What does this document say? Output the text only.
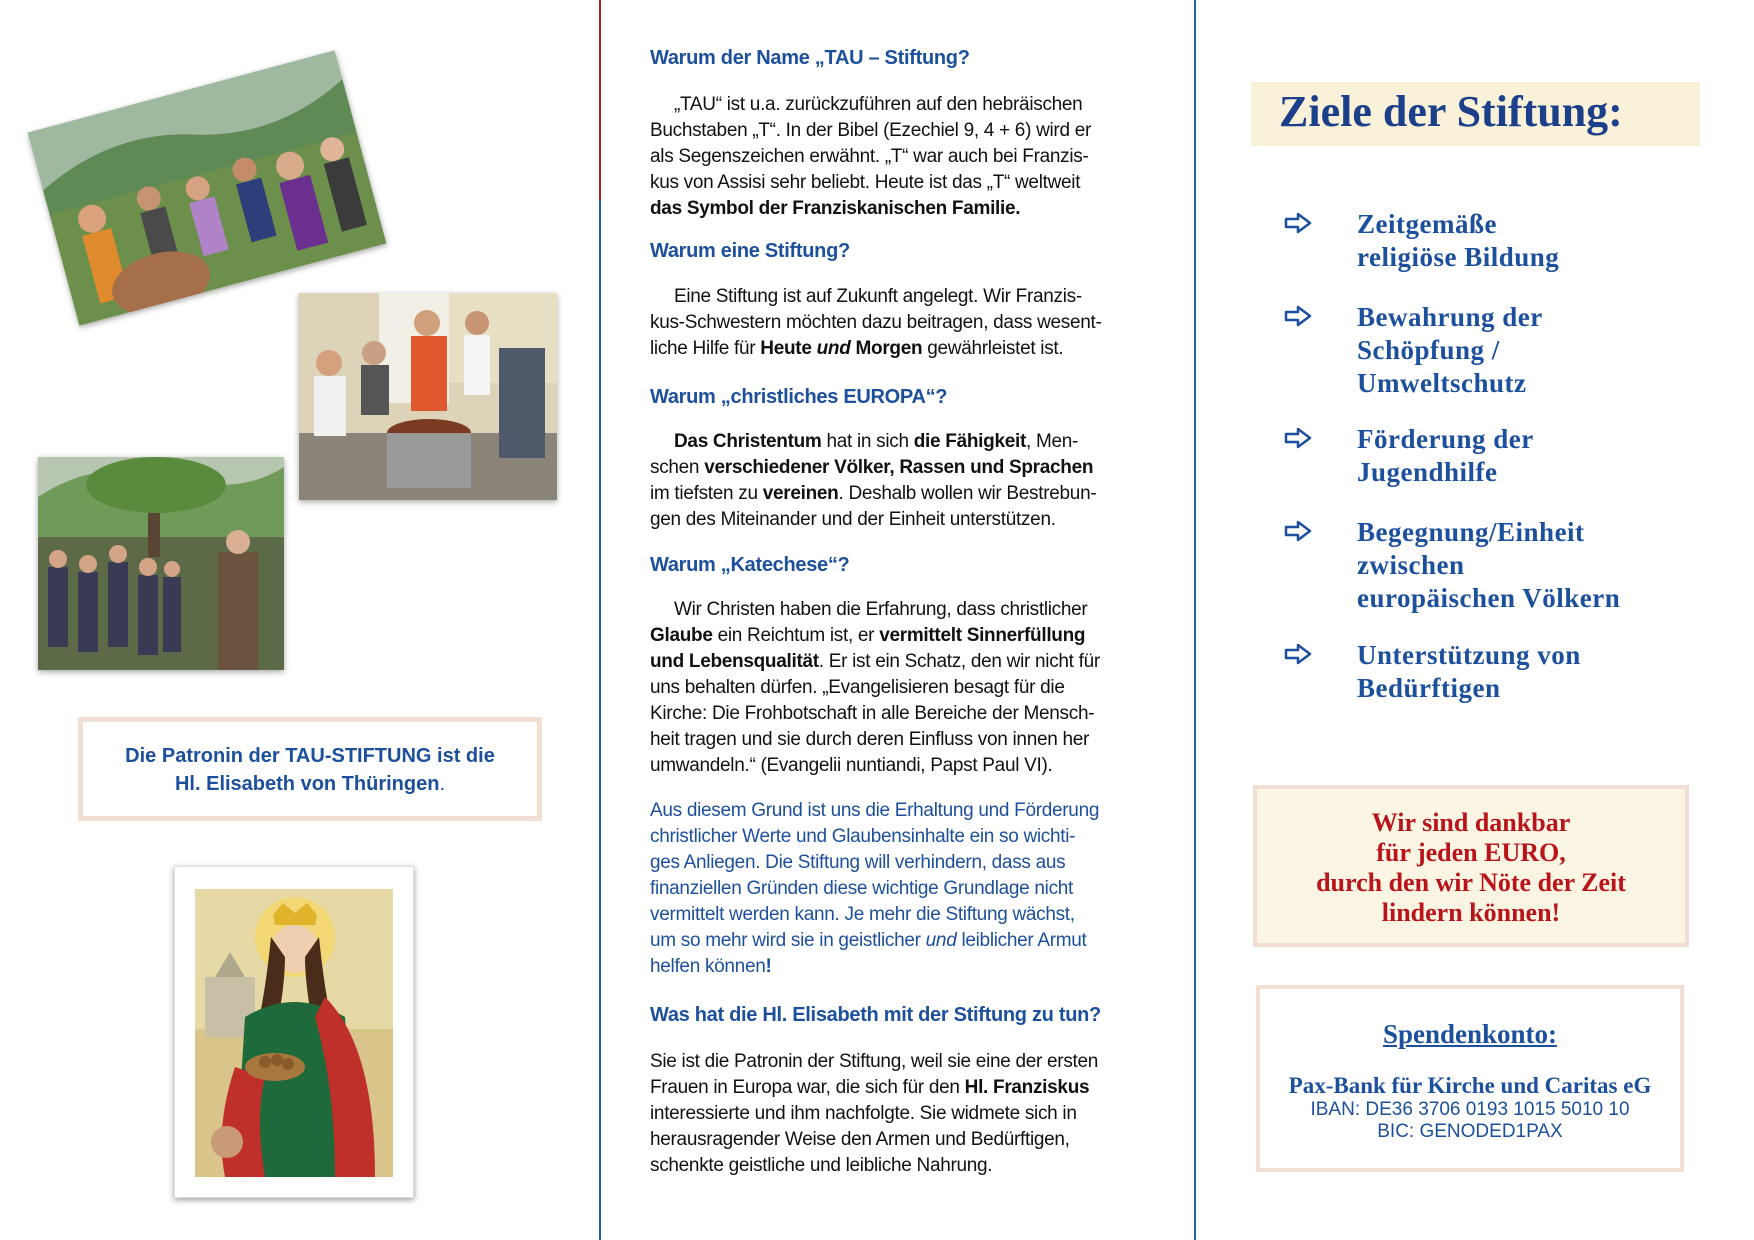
Die Patronin der TAU-STIFTUNG ist die
Hl. Elisabeth von Thüringen.
Warum der Name „TAU – Stiftung?
„TAU“ ist u.a. zurückzuführen auf den hebräischen
Buchstaben „T“. In der Bibel (Ezechiel 9, 4 + 6) wird er
als Segenszeichen erwähnt. „T“ war auch bei Franzis-
kus von Assisi sehr beliebt. Heute ist das „T“ weltweit
das Symbol der Franziskanischen Familie.
Warum eine Stiftung?
Eine Stiftung ist auf Zukunft angelegt. Wir Franzis-
kus-Schwestern möchten dazu beitragen, dass wesent-
liche Hilfe für Heute und Morgen gewährleistet ist.
Warum „christliches EUROPA“?
Das Christentum hat in sich die Fähigkeit, Men-
schen verschiedener Völker, Rassen und Sprachen
im tiefsten zu vereinen. Deshalb wollen wir Bestrebun-
gen des Miteinander und der Einheit unterstützen.
Warum „Katechese“?
Wir Christen haben die Erfahrung, dass christlicher
Glaube ein Reichtum ist, er vermittelt Sinnerfüllung
und Lebensqualität. Er ist ein Schatz, den wir nicht für
uns behalten dürfen. „Evangelisieren besagt für die
Kirche: Die Frohbotschaft in alle Bereiche der Mensch-
heit tragen und sie durch deren Einfluss von innen her
umwandeln.“ (Evangelii nuntiandi, Papst Paul VI).
Aus diesem Grund ist uns die Erhaltung und Förderung
christlicher Werte und Glaubensinhalte ein so wichti-
ges Anliegen. Die Stiftung will verhindern, dass aus
finanziellen Gründen diese wichtige Grundlage nicht
vermittelt werden kann. Je mehr die Stiftung wächst,
um so mehr wird sie in geistlicher und leiblicher Armut
helfen können!
Was hat die Hl. Elisabeth mit der Stiftung zu tun?
Sie ist die Patronin der Stiftung, weil sie eine der ersten
Frauen in Europa war, die sich für den Hl. Franziskus
interessierte und ihm nachfolgte. Sie widmete sich in
herausragender Weise den Armen und Bedürftigen,
schenkte geistliche und leibliche Nahrung.
Ziele der Stiftung:
Zeitgemäße
religiöse Bildung
Bewahrung der
Schöpfung /
Umweltschutz
Förderung der
Jugendhilfe
Begegnung/Einheit
zwischen
europäischen Völkern
Unterstützung von
Bedürftigen
Wir sind dankbar
für jeden EURO,
durch den wir Nöte der Zeit
lindern können!
Spendenkonto:
Pax-Bank für Kirche und Caritas eG
IBAN: DE36 3706 0193 1015 5010 10
BIC: GENODED1PAX
